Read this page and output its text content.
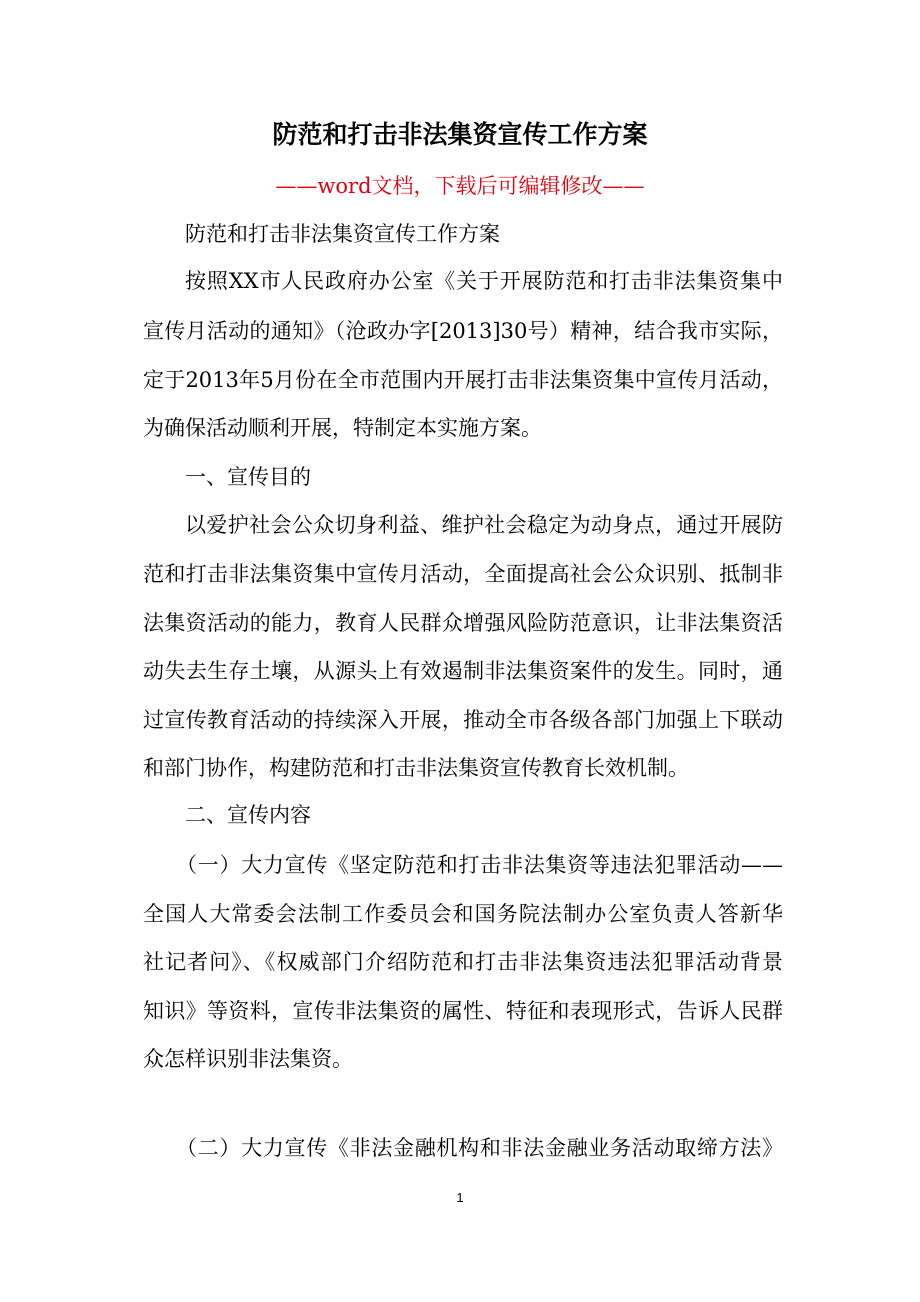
防范和打击非法集资宣传工作方案
——word文档，下载后可编辑修改——
防范和打击非法集资宣传工作方案
按照XX市人民政府办公室《关于开展防范和打击非法集资集中
宣传月活动的通知》（沧政办字[2013]30号）精神，结合我市实际，
定于2013年5月份在全市范围内开展打击非法集资集中宣传月活动，
为确保活动顺利开展，特制定本实施方案。
一、宣传目的
以爱护社会公众切身利益、维护社会稳定为动身点，通过开展防
范和打击非法集资集中宣传月活动，全面提高社会公众识别、抵制非
法集资活动的能力，教育人民群众增强风险防范意识，让非法集资活
动失去生存土壤，从源头上有效遏制非法集资案件的发生。同时，通
过宣传教育活动的持续深入开展，推动全市各级各部门加强上下联动
和部门协作，构建防范和打击非法集资宣传教育长效机制。
二、宣传内容
（一）大力宣传《坚定防范和打击非法集资等违法犯罪活动——
全国人大常委会法制工作委员会和国务院法制办公室负责人答新华
社记者问》、《权威部门介绍防范和打击非法集资违法犯罪活动背景
知识》等资料，宣传非法集资的属性、特征和表现形式，告诉人民群
众怎样识别非法集资。
（二）大力宣传《非法金融机构和非法金融业务活动取缔方法》
1
